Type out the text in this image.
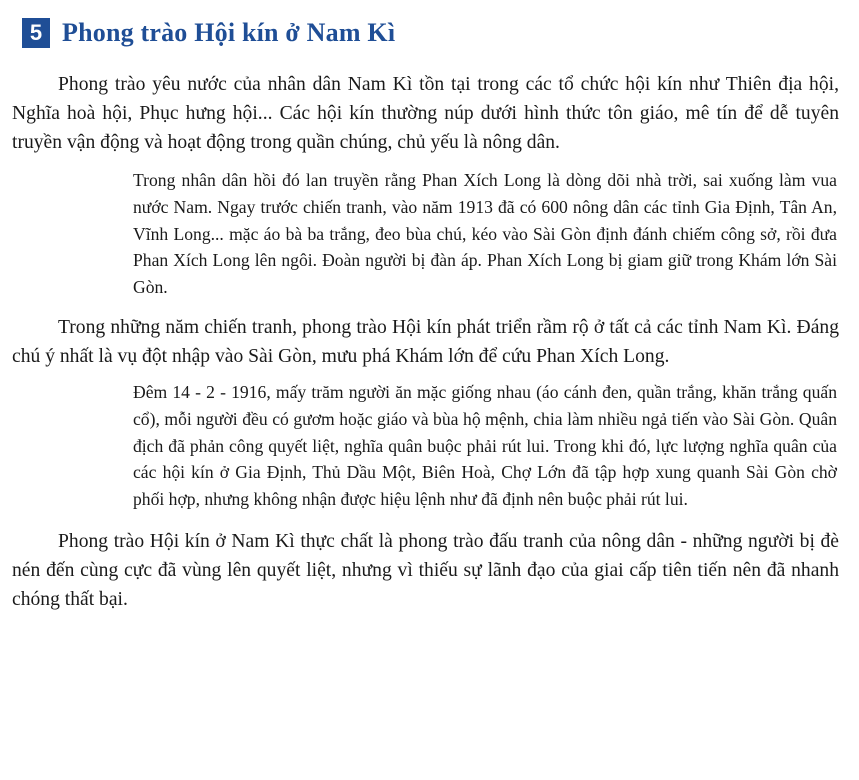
5 Phong trào Hội kín ở Nam Kì

Phong trào yêu nước của nhân dân Nam Kì tồn tại trong các tổ chức hội kín như Thiên địa hội, Nghĩa hoà hội, Phục hưng hội... Các hội kín thường núp dưới hình thức tôn giáo, mê tín để dễ tuyên truyền vận động và hoạt động trong quần chúng, chủ yếu là nông dân.

Trong nhân dân hồi đó lan truyền rằng Phan Xích Long là dòng dõi nhà trời, sai xuống làm vua nước Nam. Ngay trước chiến tranh, vào năm 1913 đã có 600 nông dân các tỉnh Gia Định, Tân An, Vĩnh Long... mặc áo bà ba trắng, đeo bùa chú, kéo vào Sài Gòn định đánh chiếm công sở, rồi đưa Phan Xích Long lên ngôi. Đoàn người bị đàn áp. Phan Xích Long bị giam giữ trong Khám lớn Sài Gòn.

Trong những năm chiến tranh, phong trào Hội kín phát triển rầm rộ ở tất cả các tỉnh Nam Kì. Đáng chú ý nhất là vụ đột nhập vào Sài Gòn, mưu phá Khám lớn để cứu Phan Xích Long.

Đêm 14 - 2 - 1916, mấy trăm người ăn mặc giống nhau (áo cánh đen, quần trắng, khăn trắng quấn cổ), mỗi người đều có gươm hoặc giáo và bùa hộ mệnh, chia làm nhiều ngả tiến vào Sài Gòn. Quân địch đã phản công quyết liệt, nghĩa quân buộc phải rút lui. Trong khi đó, lực lượng nghĩa quân của các hội kín ở Gia Định, Thủ Dầu Một, Biên Hoà, Chợ Lớn đã tập hợp xung quanh Sài Gòn chờ phối hợp, nhưng không nhận được hiệu lệnh như đã định nên buộc phải rút lui.

Phong trào Hội kín ở Nam Kì thực chất là phong trào đấu tranh của nông dân - những người bị đè nén đến cùng cực đã vùng lên quyết liệt, nhưng vì thiếu sự lãnh đạo của giai cấp tiên tiến nên đã nhanh chóng thất bại.
